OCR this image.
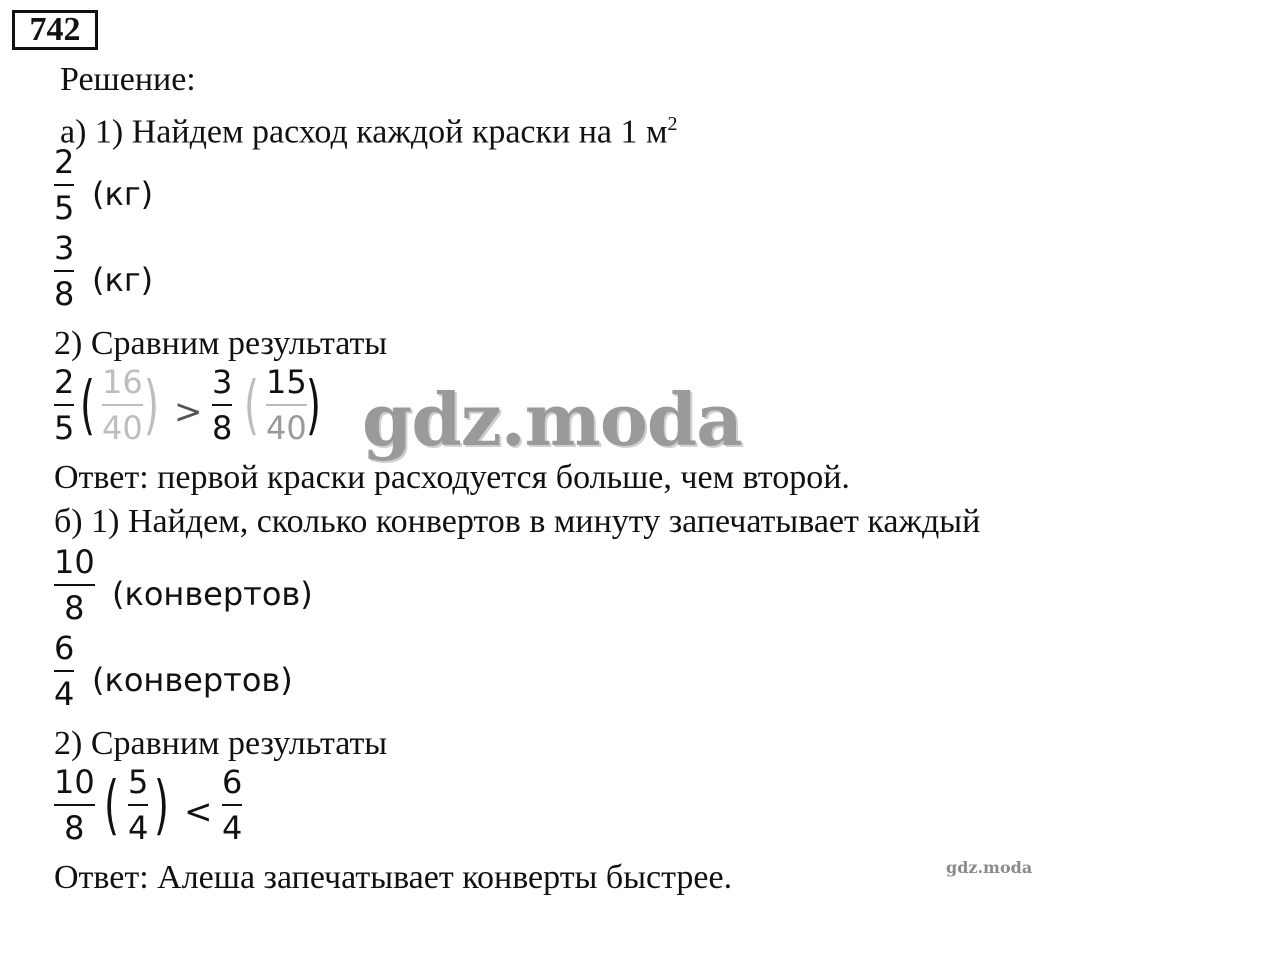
742
Решение:
а) 1) Найдем расход каждой краски на 1 $м^2$
2
5 (кг)
3
8 (кг)
2) Сравним результаты
2
5 ( 16
40 ) >
3
8 ( 15
40 ) gdz.moda
Ответ: первой краски расходуется больше, чем второй.
б) 1) Найдем, сколько конвертов в минуту запечатывает каждый
10
8 (конвертов)
6
4 (конвертов)
2) Сравним результаты
10
8 ( 5
4 ) <
6
4
Ответ: Алеша запечатывает конверты быстрее.	gdz.moda
